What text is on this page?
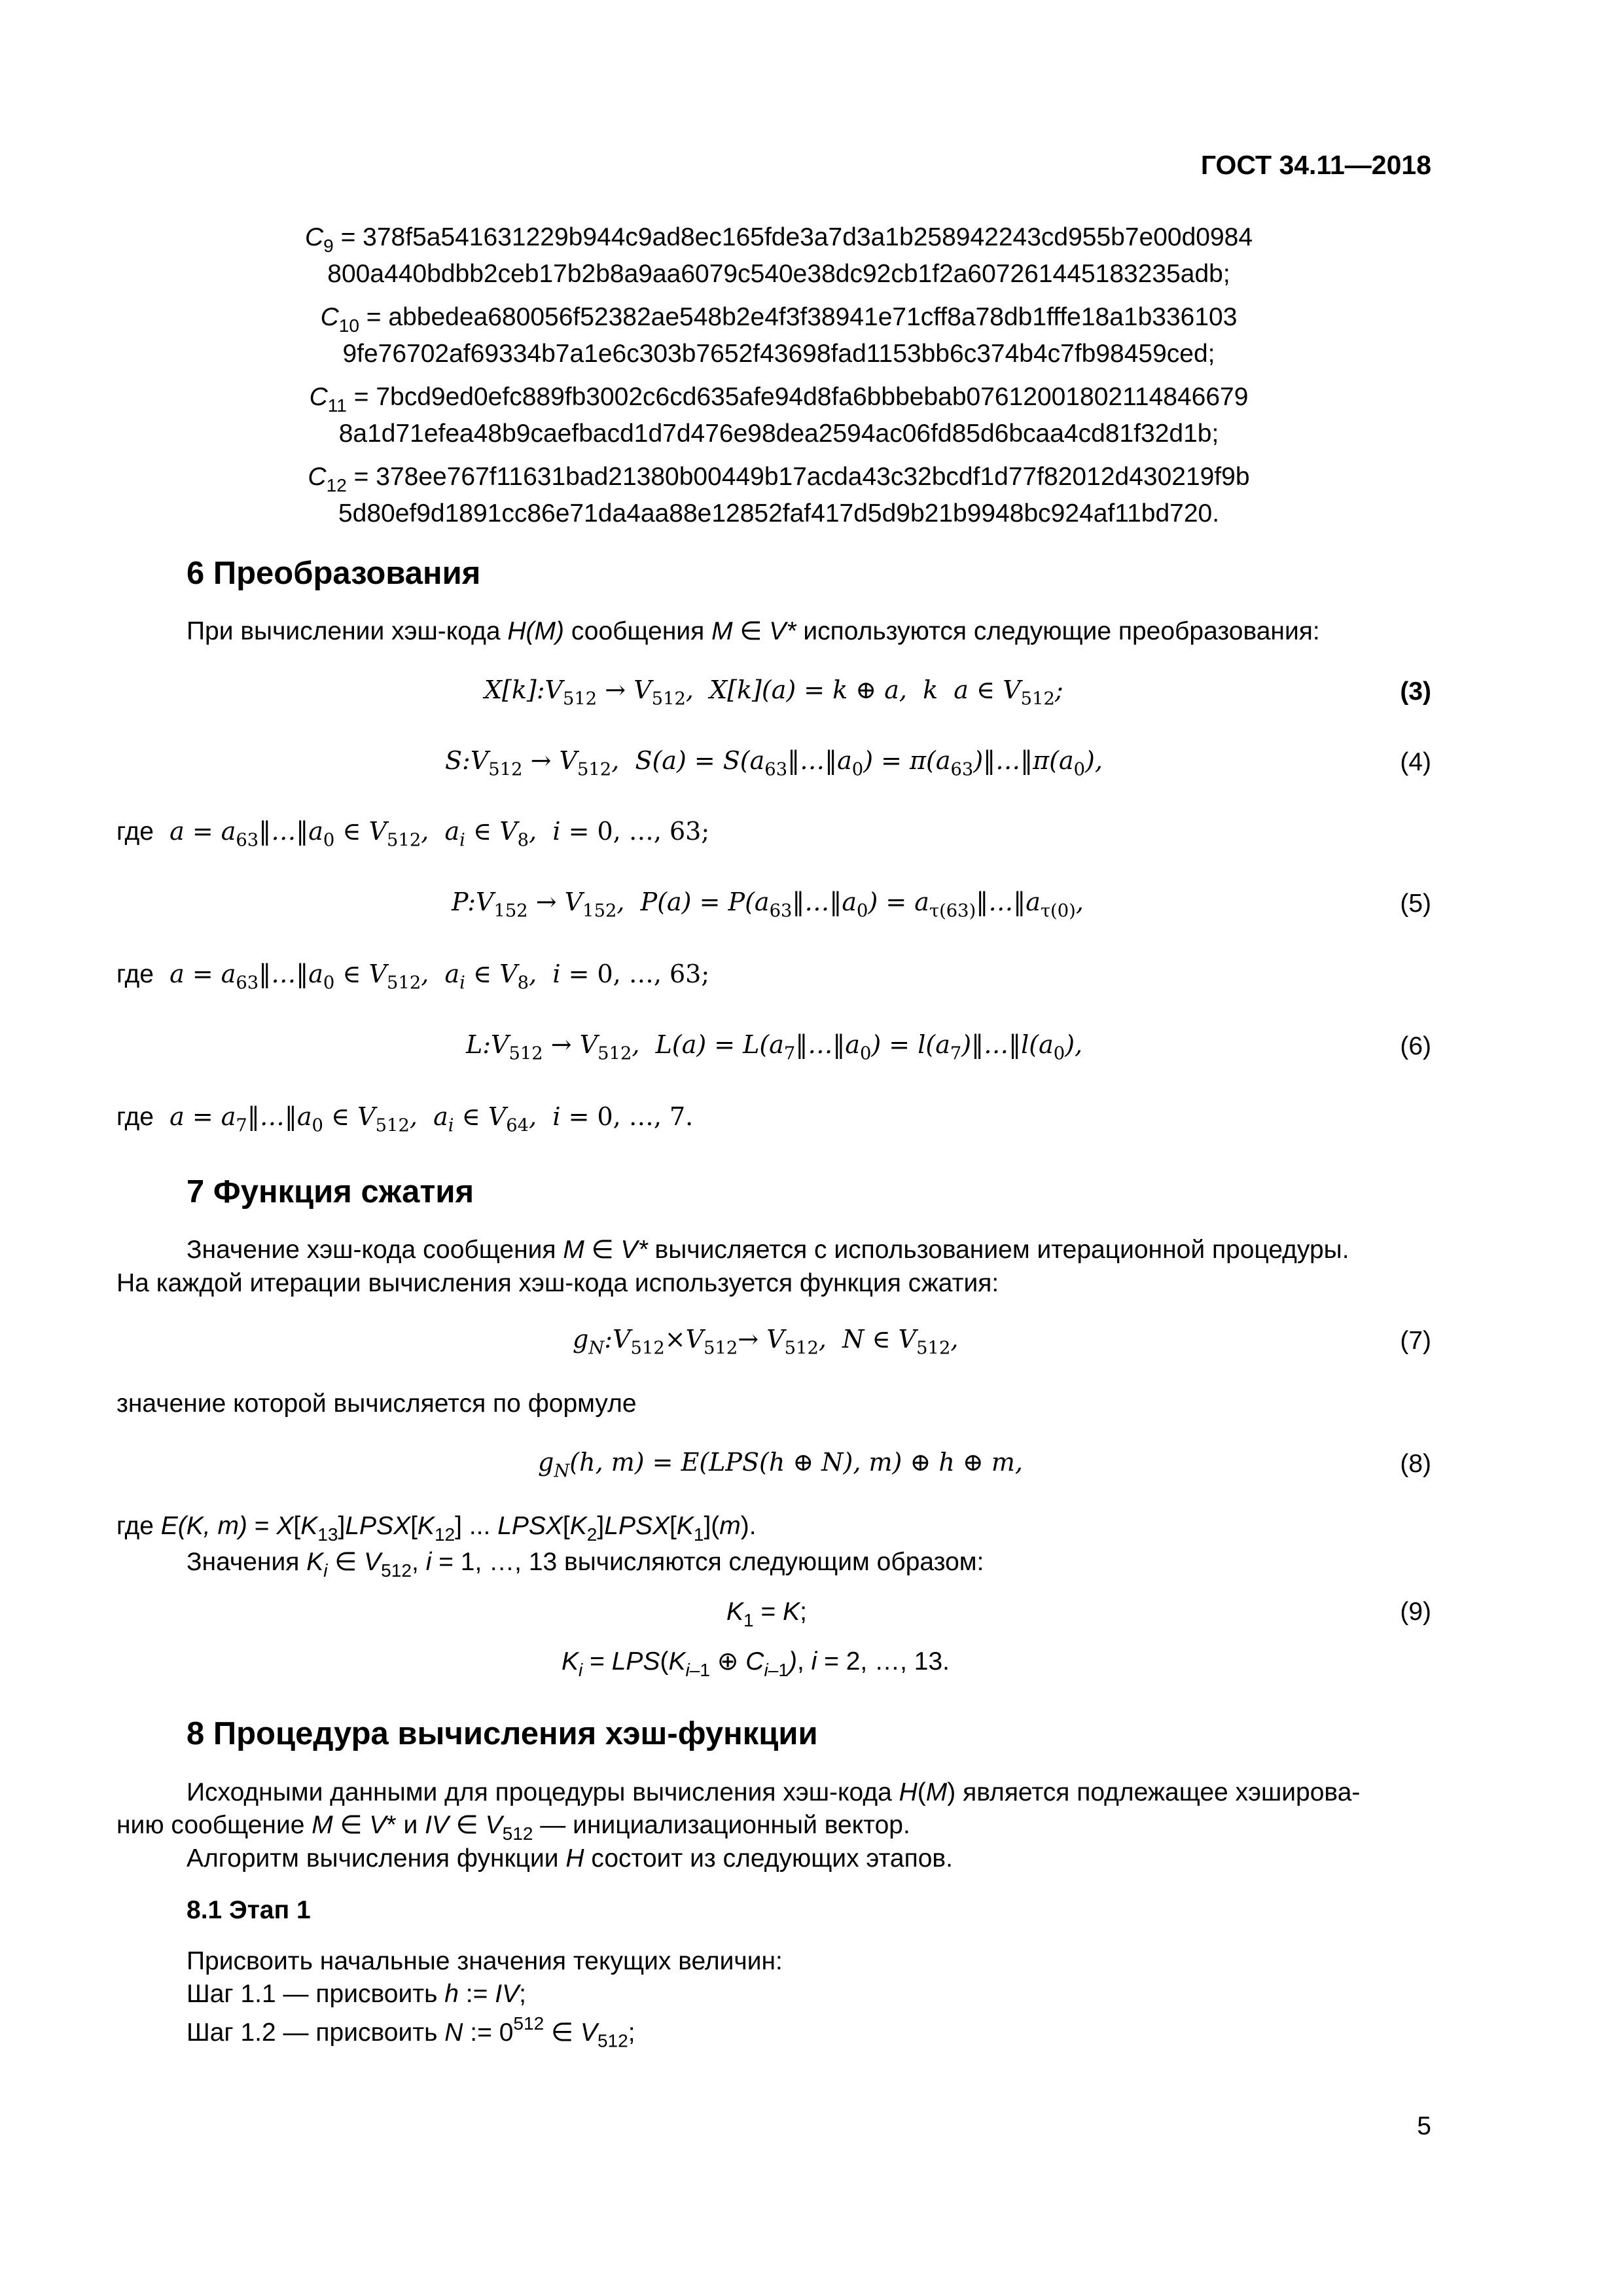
ГОСТ 34.11—2018
$C_9 = 378f5a541631229b944c9ad8ec165fde3a7d3a1b258942243cd955b7e00d0984$
800a440bdbb2ceb17b2b8a9aa6079c540e38dc92cb1f2a607261445183235adb;
$C_{10}$ = abbedea680056f52382ae548b2e4f3f38941e71cff8a78db1fffe18a1b336103
9fe76702af69334b7a1e6c303b7652f43698fad1153bb6c374b4c7fb98459ced;
$C_{11}$ = 7bcd9ed0efc889fb3002c6cd635afe94d8fa6bbbebab07612001802114846679
8a1d71efea48b9caefbacd1d7d476e98dea2594ac06fd85d6bcaa4cd81f32d1b;
$C_{12}$ = 378ee767f11631bad21380b00449b17acda43c32bcdf1d77f82012d430219f9b
5d80ef9d1891cc86e71da4aa88e12852faf417d5d9b21b9948bc924af11bd720.
6 Преобразования
При вычислении хэш-кода H(M) сообщения M ∈ V* используются следующие преобразования:
$X[k]:V_{512} \to V_{512}$,  X[k](a) = k ⊕ a,  k  a ∈ $V_{512}$;	(3)
$S:V_{512} \to V_{512}$,  $S(a) = S(a_{63}‖\dots‖a_0)$ = $\pi(a_{63})‖\dots‖\pi(a_0)$,	(4)
где  $a = a_{63}‖\dots‖a_0$ ∈ $V_{512}$,  $a_i$ ∈ $V_8$,  i = 0, …, 63;
$P:V_{152} \to V_{152}$,  $P(a) = P(a_{63}‖\dots‖a_0)$ = $a_{\tau(63)}‖\dots‖a_{\tau(0)}$,	(5)
где  $a = a_{63}‖\dots‖a_0$ ∈ $V_{512}$,  $a_i$ ∈ $V_8$,  i = 0, …, 63;
$L:V_{512} \to V_{512}$,  $L(a) = L(a_7‖\dots‖a_0)$ = $l(a_7)‖\dots‖l(a_0)$,	(6)
где  $a = a_7‖\dots‖a_0$ ∈ $V_{512}$,  $a_i$ ∈ $V_{64}$,  i = 0, …, 7.
7 Функция сжатия
Значение хэш-кода сообщения M ∈ V* вычисляется с использованием итерационной процедуры.
На каждой итерации вычисления хэш-кода используется функция сжатия:
$g_N:V_{512}\times V_{512}\to V_{512}$,  N ∈ $V_{512}$,	(7)
значение которой вычисляется по формуле
$g_N(h$, m) = E(LPS(h ⊕ N), m) ⊕ h ⊕ m,	(8)
где E(K, $m) = X[K_{13}]LPSX[K_{12}]$ ... $LPSX[K_2]LPSX[K_1](m)$.
Значения $K_i$ ∈ $V_{512}$, i = 1, …, 13 вычисляются следующим образом:
$K_1 = K$;	(9)
$K_i = LPS(K_{i-1}$ ⊕ $C_{i-1}$), i = 2, …, 13.
8 Процедура вычисления хэш-функции
Исходными данными для процедуры вычисления хэш-кода H(M) является подлежащее хэширова-
нию сообщение M ∈ V* и IV ∈ $V_{512}$ — инициализационный вектор.
Алгоритм вычисления функции H состоит из следующих этапов.
8.1 Этап 1
Присвоить начальные значения текущих величин:
Шаг 1.1 — присвоить h := IV;
Шаг 1.2 — присвоить N := $0^{512}$ ∈ $V_{512}$;
5
